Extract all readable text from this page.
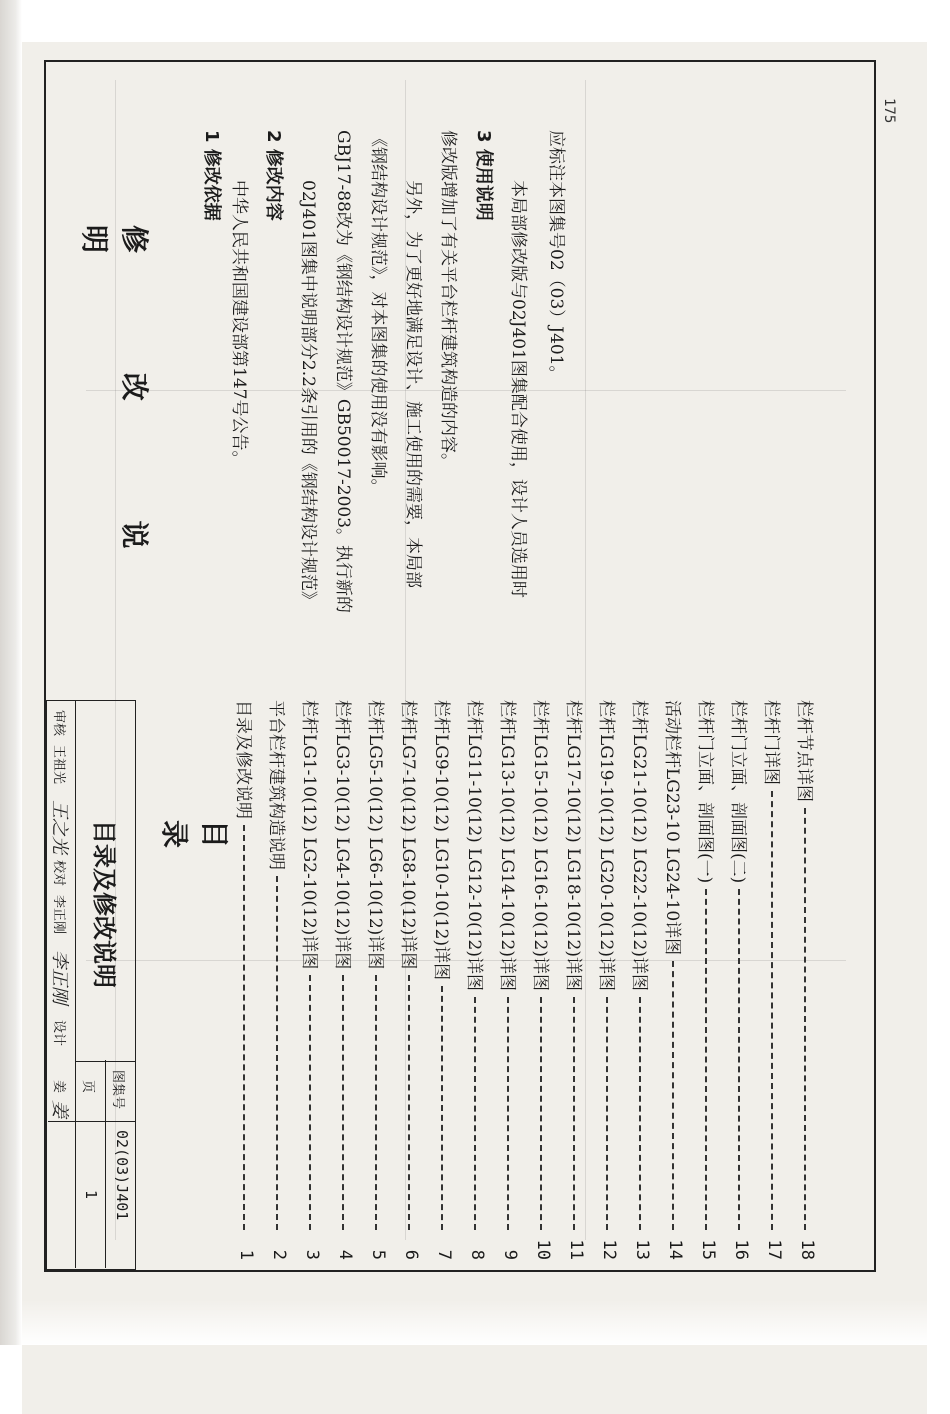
175
目 录
目录及修改说明
1
平台栏杆建筑构造说明
2
栏杆LG1-10(12) LG2-10(12)详图
3
栏杆LG3-10(12) LG4-10(12)详图
4
栏杆LG5-10(12) LG6-10(12)详图
5
栏杆LG7-10(12) LG8-10(12)详图
6
栏杆LG9-10(12) LG10-10(12)详图
7
栏杆LG11-10(12) LG12-10(12)详图
8
栏杆LG13-10(12) LG14-10(12)详图
9
栏杆LG15-10(12) LG16-10(12)详图
10
栏杆LG17-10(12) LG18-10(12)详图
11
栏杆LG19-10(12) LG20-10(12)详图
12
栏杆LG21-10(12) LG22-10(12)详图
13
活动栏杆LG23-10 LG24-10详图
14
栏杆门立面、剖面图(一)
15
栏杆门立面、剖面图(二)
16
栏杆门详图
17
栏杆节点详图
18
修 改 说 明
1 修改依据
中华人民共和国建设部第147号公告。
2 修改内容
02J401图集中说明部分2.2条引用的《钢结构设计规范》 GBJ17-88改为《钢结构设计规范》GB50017-2003。执行新的 《钢结构设计规范》，对本图集的使用没有影响。 另外，为了更好地满足设计、施工使用的需要，本局部 修改版增加了有关平台栏杆建筑构造的内容。 3 使用说明
本局部修改版与02J401图集配合使用，设计人员选用时 应标注本图集号02（03）J401。
目录及修改说明
图集号
02(03)J401
页
1
审核
王祖光
王之光
校对
李正刚
李正刚
设计
姜
姜
